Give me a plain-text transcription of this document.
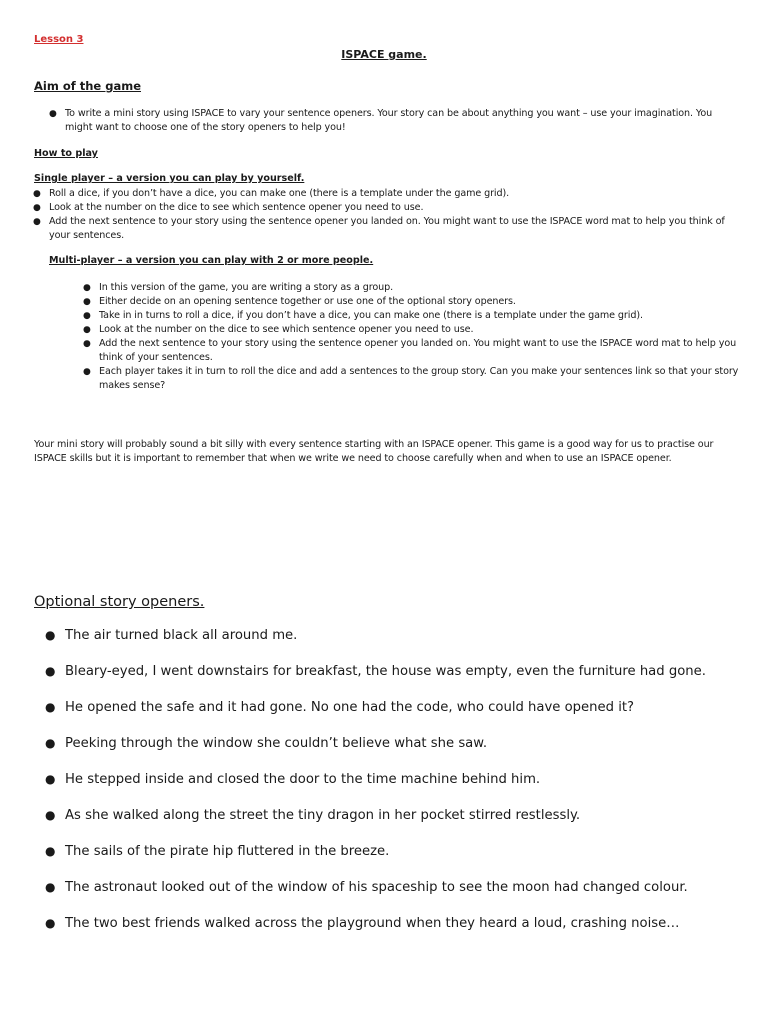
Lesson 3
ISPACE game.
Aim of the game
● To write a mini story using ISPACE to vary your sentence openers. Your story can be about anything you want – use your imagination. You might want to choose one of the story openers to help you!
How to play
Single player – a version you can play by yourself.
● Roll a dice, if you don’t have a dice, you can make one (there is a template under the game grid).
● Look at the number on the dice to see which sentence opener you need to use.
● Add the next sentence to your story using the sentence opener you landed on. You might want to use the ISPACE word mat to help you think of your sentences.
Multi-player – a version you can play with 2 or more people.
● In this version of the game, you are writing a story as a group.
● Either decide on an opening sentence together or use one of the optional story openers.
● Take in in turns to roll a dice, if you don’t have a dice, you can make one (there is a template under the game grid).
● Look at the number on the dice to see which sentence opener you need to use.
● Add the next sentence to your story using the sentence opener you landed on. You might want to use the ISPACE word mat to help you think of your sentences.
● Each player takes it in turn to roll the dice and add a sentences to the group story. Can you make your sentences link so that your story makes sense?

Your mini story will probably sound a bit silly with every sentence starting with an ISPACE opener. This game is a good way for us to practise our ISPACE skills but it is important to remember that when we write we need to choose carefully when and when to use an ISPACE opener.

Optional story openers.
● The air turned black all around me.
● Bleary-eyed, I went downstairs for breakfast, the house was empty, even the furniture had gone.
● He opened the safe and it had gone. No one had the code, who could have opened it?
● Peeking through the window she couldn’t believe what she saw.
● He stepped inside and closed the door to the time machine behind him.
● As she walked along the street the tiny dragon in her pocket stirred restlessly.
● The sails of the pirate hip fluttered in the breeze.
● The astronaut looked out of the window of his spaceship to see the moon had changed colour.
● The two best friends walked across the playground when they heard a loud, crashing noise…
